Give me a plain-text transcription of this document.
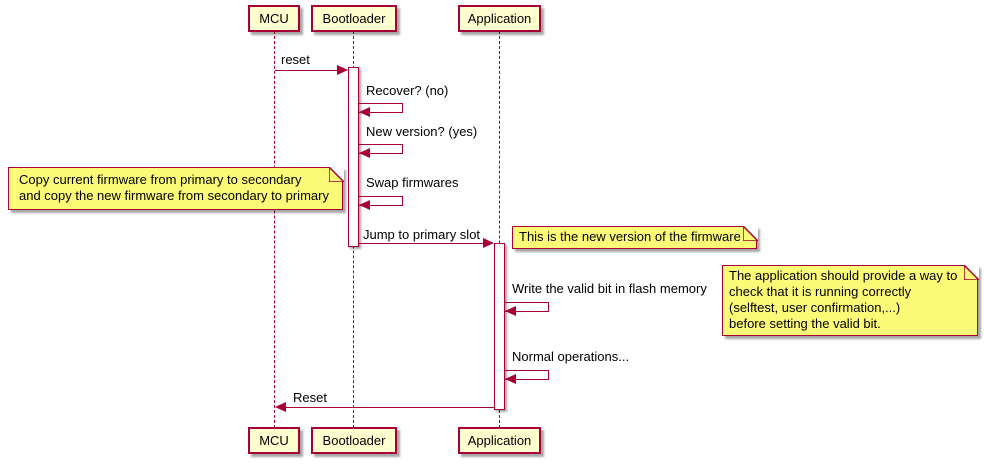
MCU	Bootloader	Application
MCU	Bootloader	Application
reset
Recover? (no)
New version? (yes)
Swap firmwares
Jump to primary slot
Write the valid bit in flash memory
Normal operations...
Reset
Copy current firmware from primary to secondary
and copy the new firmware from secondary to primary
This is the new version of the firmware
The application should provide a way to
check that it is running correctly
(selftest, user confirmation,...)
before setting the valid bit.
